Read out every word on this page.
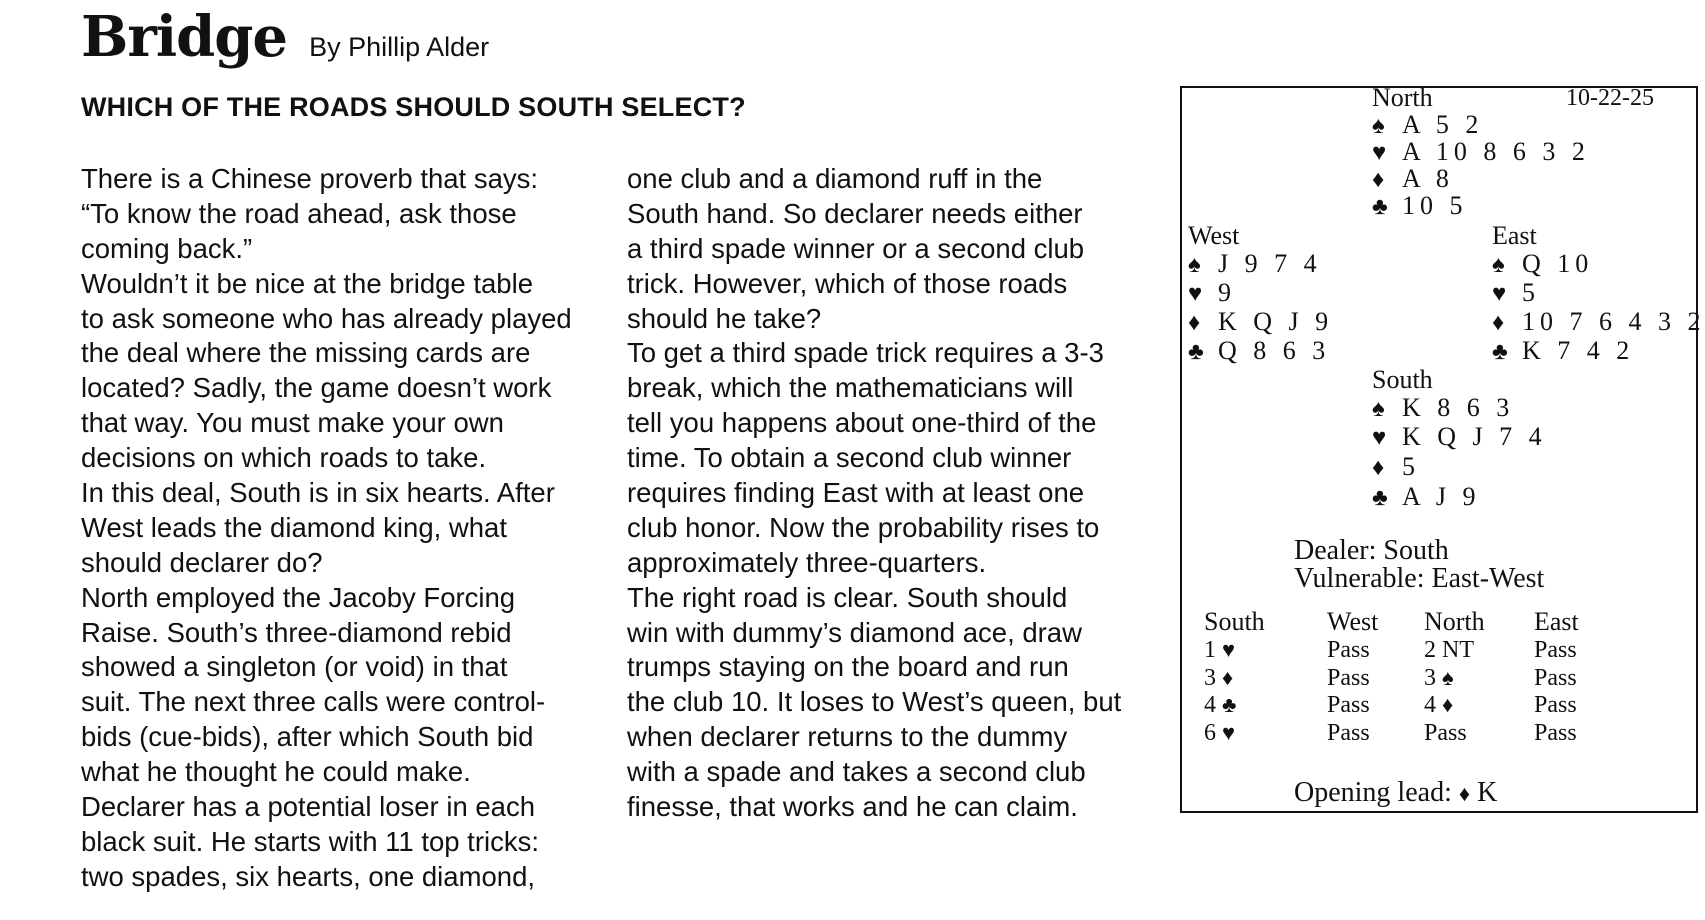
Bridge By Phillip Alder
WHICH OF THE ROADS SHOULD SOUTH SELECT?
There is a Chinese proverb that says:
“To know the road ahead, ask those
coming back.”
Wouldn’t it be nice at the bridge table
to ask someone who has already played
the deal where the missing cards are
located? Sadly, the game doesn’t work
that way. You must make your own
decisions on which roads to take.
In this deal, South is in six hearts. After
West leads the diamond king, what
should declarer do?
North employed the Jacoby Forcing
Raise. South’s three-diamond rebid
showed a singleton (or void) in that
suit. The next three calls were control-
bids (cue-bids), after which South bid
what he thought he could make.
Declarer has a potential loser in each
black suit. He starts with 11 top tricks:
two spades, six hearts, one diamond,
one club and a diamond ruff in the
South hand. So declarer needs either
a third spade winner or a second club
trick. However, which of those roads
should he take?
To get a third spade trick requires a 3-3
break, which the mathematicians will
tell you happens about one-third of the
time. To obtain a second club winner
requires finding East with at least one
club honor. Now the probability rises to
approximately three-quarters.
The right road is clear. South should
win with dummy’s diamond ace, draw
trumps staying on the board and run
the club 10. It loses to West’s queen, but
when declarer returns to the dummy
with a spade and takes a second club
finesse, that works and he can claim.
North	10-22-25
♠ A 5 2
♥ A 10 8 6 3 2
♦ A 8
♣ 10 5
West
♠ J 9 7 4
♥ 9
♦ K Q J 9
♣ Q 8 6 3
East
♠ Q 10
♥ 5
♦ 10 7 6 4 3 2
♣ K 7 4 2
South
♠ K 8 6 3
♥ K Q J 7 4
♦ 5
♣ A J 9
Dealer: South
Vulnerable: East-West
South West North East
1 ♥	Pass 2 NT	Pass
3 ♦	Pass 3 ♠	Pass
4 ♣	Pass 4 ♦	Pass
6 ♥	Pass Pass	Pass
Opening lead: ♦ K
